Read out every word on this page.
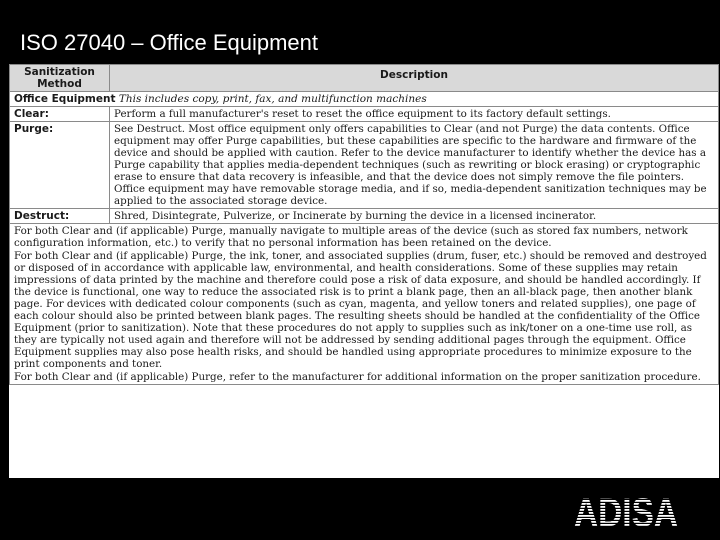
ISO 27040 – Office Equipment
Sanitization Method	Description
Office Equipment This includes copy, print, fax, and multifunction machines	
Clear:	Perform a full manufacturer's reset to reset the office equipment to its factory default settings.
Purge:	See Destruct. Most office equipment only offers capabilities to Clear (and not Purge) the data contents. Office equipment may offer Purge capabilities, but these capabilities are specific to the hardware and firmware of the device and should be applied with caution. Refer to the device manufacturer to identify whether the device has a Purge capability that applies media-dependent techniques (such as rewriting or block erasing) or cryptographic erase to ensure that data recovery is infeasible, and that the device does not simply remove the file pointers. Office equipment may have removable storage media, and if so, media-dependent sanitization techniques may be applied to the associated storage device.
Destruct:	Shred, Disintegrate, Pulverize, or Incinerate by burning the device in a licensed incinerator.

For both Clear and (if applicable) Purge, manually navigate to multiple areas of the device (such as stored fax numbers, network configuration information, etc.) to verify that no personal information has been retained on the device.

For both Clear and (if applicable) Purge, the ink, toner, and associated supplies (drum, fuser, etc.) should be removed and destroyed or disposed of in accordance with applicable law, environmental, and health considerations. Some of these supplies may retain impressions of data printed by the machine and therefore could pose a risk of data exposure, and should be handled accordingly. If the device is functional, one way to reduce the associated risk is to print a blank page, then an all-black page, then another blank page. For devices with dedicated colour components (such as cyan, magenta, and yellow toners and related supplies), one page of each colour should also be printed between blank pages. The resulting sheets should be handled at the confidentiality of the Office Equipment (prior to sanitization). Note that these procedures do not apply to supplies such as ink/toner on a one-time use roll, as they are typically not used again and therefore will not be addressed by sending additional pages through the equipment. Office Equipment supplies may also pose health risks, and should be handled using appropriate procedures to minimize exposure to the print components and toner.

For both Clear and (if applicable) Purge, refer to the manufacturer for additional information on the proper sanitization procedure.	

ADISA
